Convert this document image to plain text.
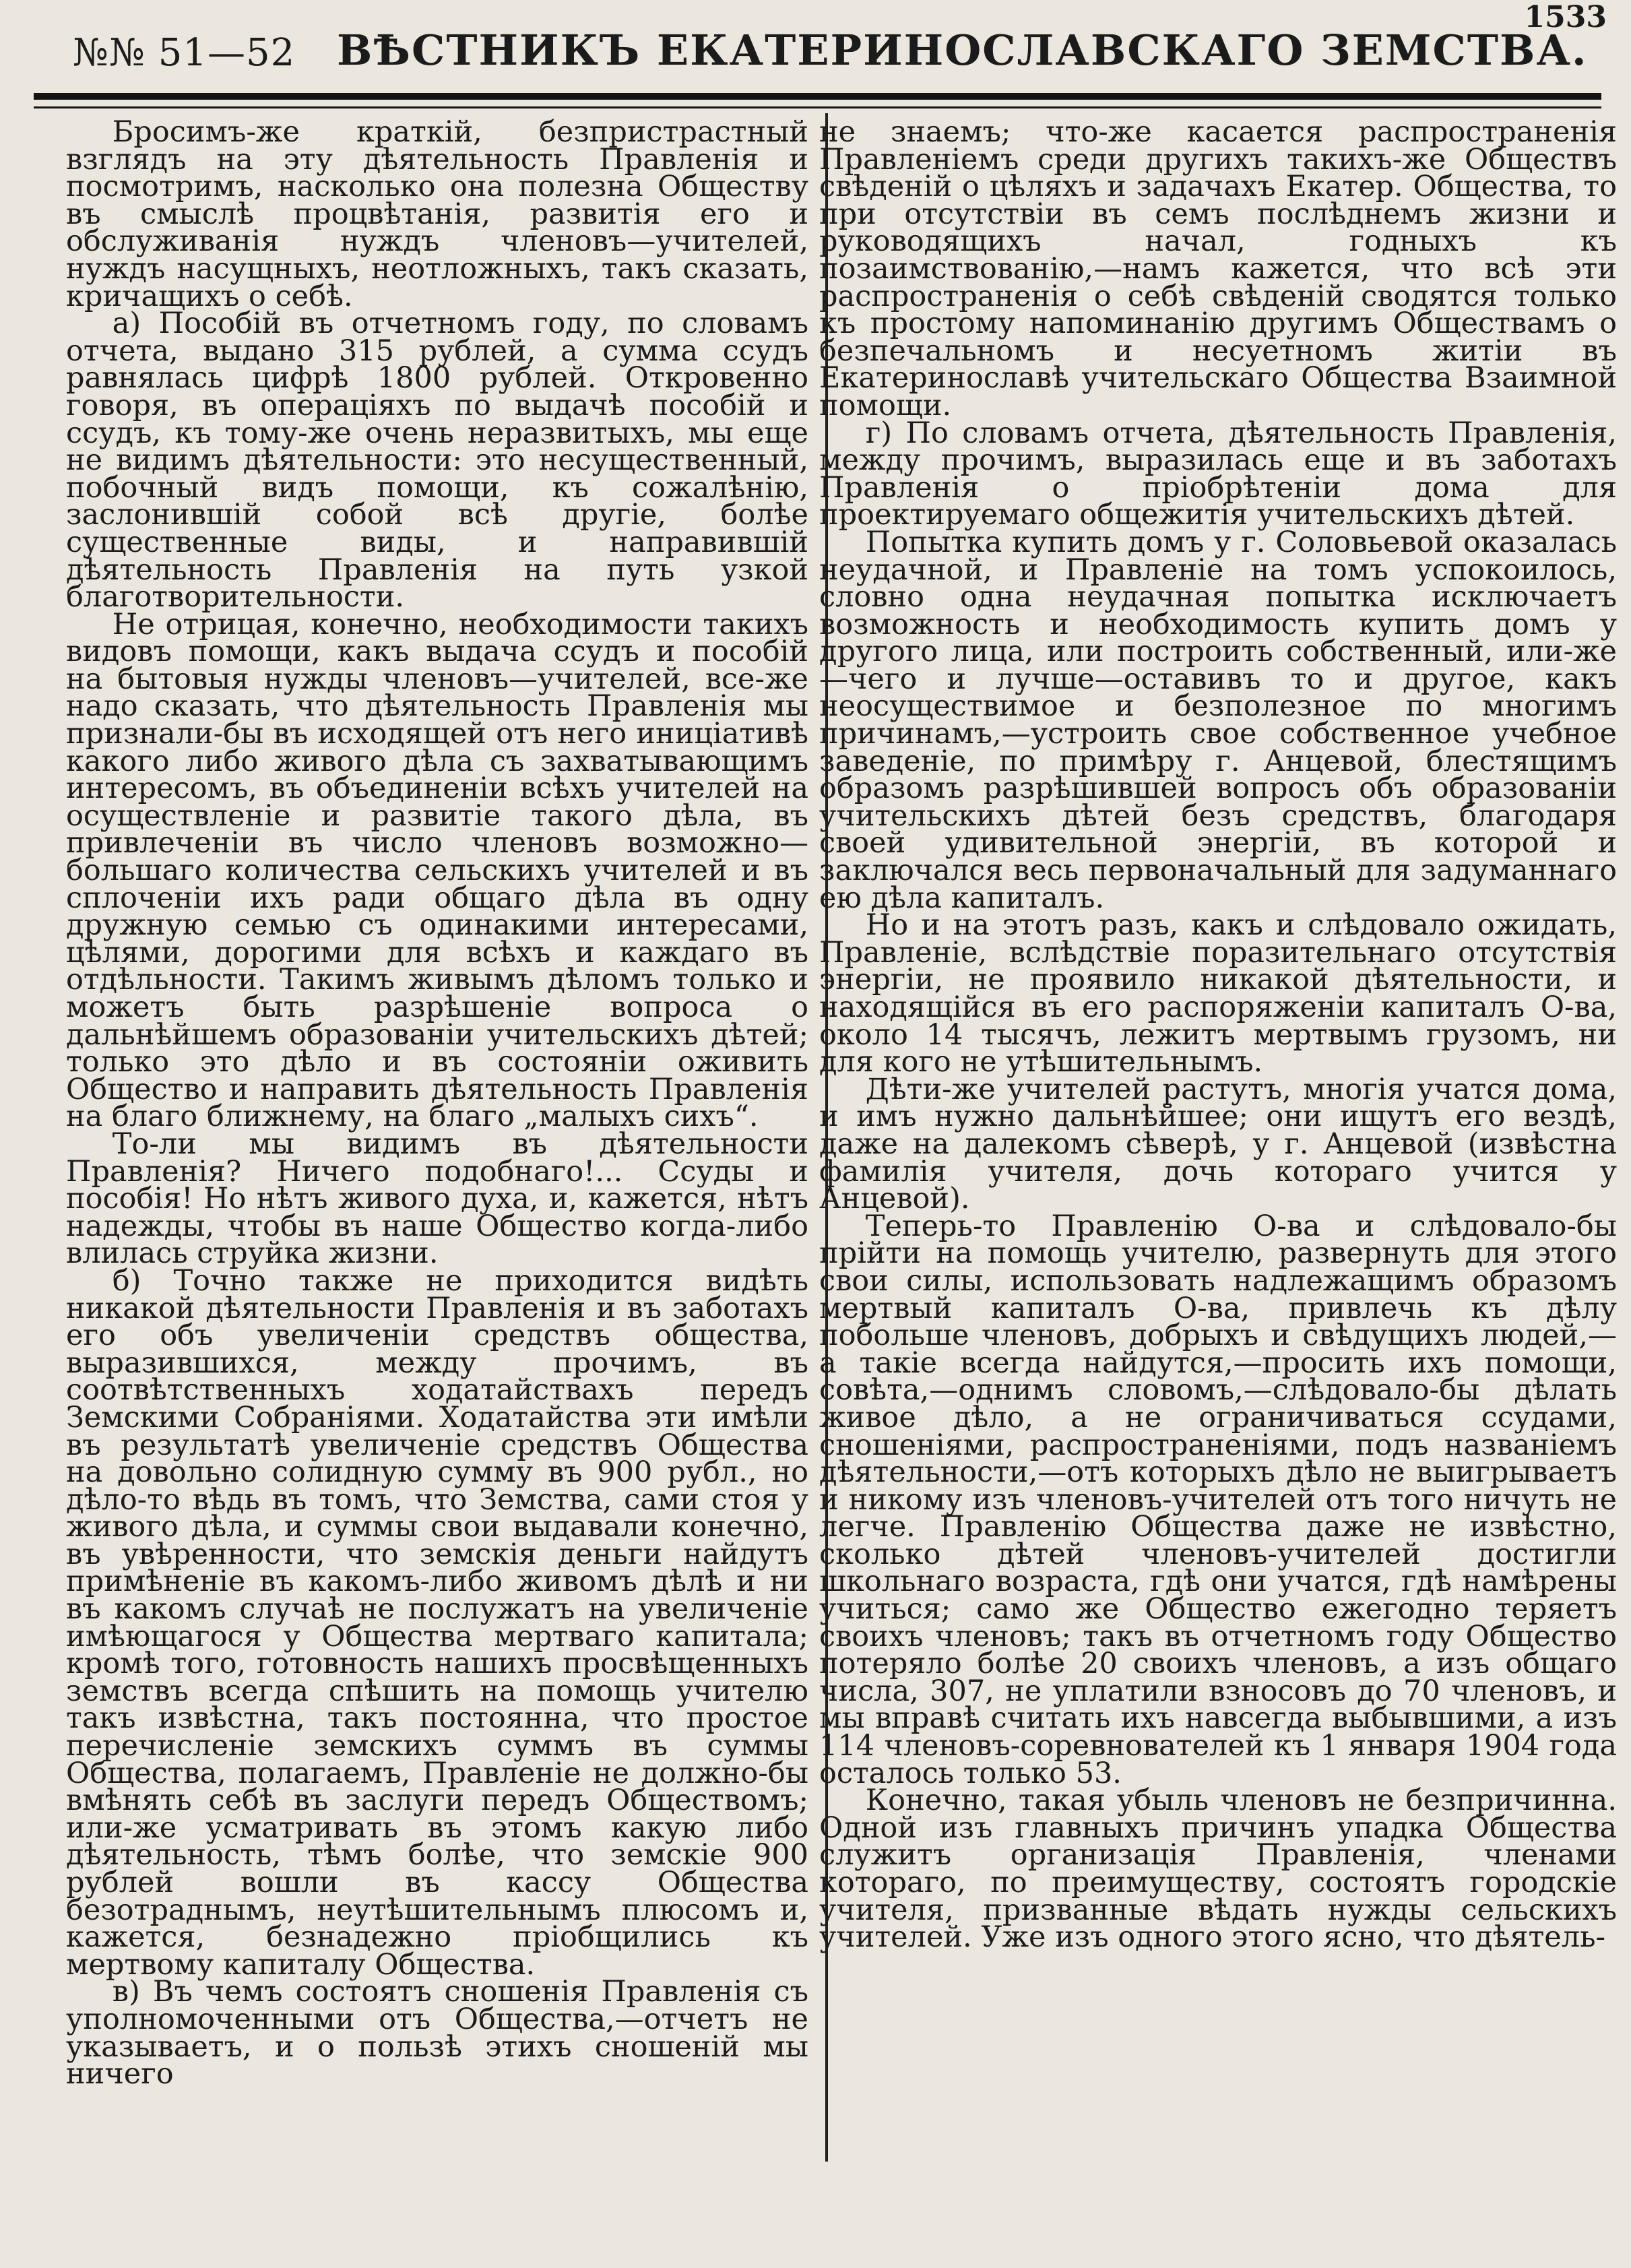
№№ 51—52 ВѢСТНИКЪ ЕКАТЕРИНОСЛАВСКАГО ЗЕМСТВА.
1533

Бросимъ-же краткій, безпристрастный взглядъ на эту дѣятельность Правленія и посмотримъ, насколько она полезна Обществу въ смыслѣ процвѣтанія, развитія его и обслуживанія нуждъ членовъ—учителей, нуждъ насущныхъ, неотложныхъ, такъ сказать, кричащихъ о себѣ.

а) Пособій въ отчетномъ году, по словамъ отчета, выдано 315 рублей, а сумма ссудъ равнялась цифрѣ 1800 рублей. Откровенно говоря, въ операціяхъ по выдачѣ пособій и ссудъ, къ тому-же очень неразвитыхъ, мы еще не видимъ дѣятельности: это несущественный, побочный видъ помощи, къ сожалѣнію, заслонившій собой всѣ другіе, болѣе существенные виды, и направившій дѣятельность Правленія на путь узкой благотворительности.

Не отрицая, конечно, необходимости такихъ видовъ помощи, какъ выдача ссудъ и пособій на бытовыя нужды членовъ—учителей, все-же надо сказать, что дѣятельность Правленія мы признали-бы въ исходящей отъ него иниціативѣ какого либо живого дѣла съ захватывающимъ интересомъ, въ объединеніи всѣхъ учителей на осуществленіе и развитіе такого дѣла, въ привлеченіи въ число членовъ возможно—большаго количества сельскихъ учителей и въ сплоченіи ихъ ради общаго дѣла въ одну дружную семью съ одинакими интересами, цѣлями, дорогими для всѣхъ и каждаго въ отдѣльности. Такимъ живымъ дѣломъ только и можетъ быть разрѣшеніе вопроса о дальнѣйшемъ образованіи учительскихъ дѣтей; только это дѣло и въ состояніи оживить Общество и направить дѣятельность Правленія на благо ближнему, на благо „малыхъ сихъ“.

То-ли мы видимъ въ дѣятельности Правленія? Ничего подобнаго!... Ссуды и пособія! Но нѣтъ живого духа, и, кажется, нѣтъ надежды, чтобы въ наше Общество когда-либо влилась струйка жизни.

б) Точно также не приходится видѣть никакой дѣятельности Правленія и въ заботахъ его объ увеличеніи средствъ общества, выразившихся, между прочимъ, въ соотвѣтственныхъ ходатайствахъ передъ Земскими Собраніями. Ходатайства эти имѣли въ результатѣ увеличеніе средствъ Общества на довольно солидную сумму въ 900 рубл., но дѣло-то вѣдь въ томъ, что Земства, сами стоя у живого дѣла, и суммы свои выдавали конечно, въ увѣренности, что земскія деньги найдутъ примѣненіе въ какомъ-либо живомъ дѣлѣ и ни въ какомъ случаѣ не послужатъ на увеличеніе имѣющагося у Общества мертваго капитала; кромѣ того, готовность нашихъ просвѣщенныхъ земствъ всегда спѣшить на помощь учителю такъ извѣстна, такъ постоянна, что простое перечисленіе земскихъ суммъ въ суммы Общества, полагаемъ, Правленіе не должно-бы вмѣнять себѣ въ заслуги передъ Обществомъ; или-же усматривать въ этомъ какую либо дѣятельность, тѣмъ болѣе, что земскіе 900 рублей вошли въ кассу Общества безотраднымъ, неутѣшительнымъ плюсомъ и, кажется, безнадежно пріобщились къ мертвому капиталу Общества.

в) Въ чемъ состоятъ сношенія Правленія съ уполномоченными отъ Общества,—отчетъ не указываетъ, и о пользѣ этихъ сношеній мы ничего

не знаемъ; что-же касается распространенія Правленіемъ среди другихъ такихъ-же Обществъ свѣденій о цѣляхъ и задачахъ Екатер. Общества, то при отсутствіи въ семъ послѣднемъ жизни и руководящихъ начал, годныхъ къ позаимствованію,—намъ кажется, что всѣ эти распространенія о себѣ свѣденій сводятся только къ простому напоминанію другимъ Обществамъ о безпечальномъ и несуетномъ житіи въ Екатеринославѣ учительскаго Общества Взаимной помощи.

г) По словамъ отчета, дѣятельность Правленія, между прочимъ, выразилась еще и въ заботахъ Правленія о пріобрѣтеніи дома для проектируемаго общежитія учительскихъ дѣтей.

Попытка купить домъ у г. Соловьевой оказалась неудачной, и Правленіе на томъ успокоилось, словно одна неудачная попытка исключаетъ возможность и необходимость купить домъ у другого лица, или построить собственный, или-же—чего и лучше—оставивъ то и другое, какъ неосуществимое и безполезное по многимъ причинамъ,—устроить свое собственное учебное заведеніе, по примѣру г. Анцевой, блестящимъ образомъ разрѣшившей вопросъ объ образованіи учительскихъ дѣтей безъ средствъ, благодаря своей удивительной энергіи, въ которой и заключался весь первоначальный для задуманнаго ею дѣла капиталъ.

Но и на этотъ разъ, какъ и слѣдовало ожидать, Правленіе, вслѣдствіе поразительнаго отсутствія энергіи, не проявило никакой дѣятельности, и находящійся въ его распоряженіи капиталъ О-ва, около 14 тысячъ, лежитъ мертвымъ грузомъ, ни для кого не утѣшительнымъ.

Дѣти-же учителей растутъ, многія учатся дома, и имъ нужно дальнѣйшее; они ищутъ его вездѣ, даже на далекомъ сѣверѣ, у г. Анцевой (извѣстна фамилія учителя, дочь котораго учится у Анцевой).

Теперь-то Правленію О-ва и слѣдовало-бы прійти на помощь учителю, развернуть для этого свои силы, использовать надлежащимъ образомъ мертвый капиталъ О-ва, привлечь къ дѣлу побольше членовъ, добрыхъ и свѣдущихъ людей,—а такіе всегда найдутся,—просить ихъ помощи, совѣта,—однимъ словомъ,—слѣдовало-бы дѣлать живое дѣло, а не ограничиваться ссудами, сношеніями, распространеніями, подъ названіемъ дѣятельности,—отъ которыхъ дѣло не выигрываетъ и никому изъ членовъ-учителей отъ того ничуть не легче. Правленію Общества даже не извѣстно, сколько дѣтей членовъ-учителей достигли школьнаго возраста, гдѣ они учатся, гдѣ намѣрены учиться; само же Общество ежегодно теряетъ своихъ членовъ; такъ въ отчетномъ году Общество потеряло болѣе 20 своихъ членовъ, а изъ общаго числа, 307, не уплатили взносовъ до 70 членовъ, и мы вправѣ считать ихъ навсегда выбывшими, а изъ 114 членовъ-соревнователей къ 1 января 1904 года осталось только 53.

Конечно, такая убыль членовъ не безпричинна. Одной изъ главныхъ причинъ упадка Общества служитъ организація Правленія, членами котораго, по преимуществу, состоятъ городскіе учителя, призванные вѣдать нужды сельскихъ учителей. Уже изъ одного этого ясно, что дѣятель-
